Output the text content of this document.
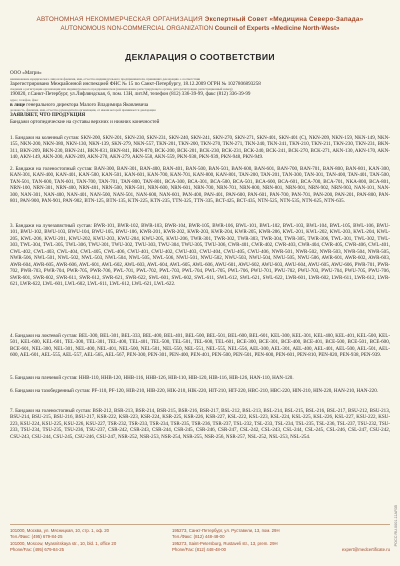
АВТОНОМНАЯ НЕКОММЕРЧЕСКАЯ ОРГАНИЗАЦИЯ Экспертный Совет «Медицина Северо-Запада»
AUTONOMOUS NON-COMMERCIAL ORGANIZATION Council of Experts «Medicine North-West»
ДЕКЛАРАЦИЯ О СООТВЕТСТВИИ
ООО «Матри»
наименование юридического лица или фамилия, имя, отчество индивидуального предпринимателя, принявших декларацию о соответствии
Зарегистрировано Межрайонной инспекцией ФНС № 15 по Санкт-Петербургу, 18.12.2009 ОГРН № 1027806893258
сведения о регистрации организации или индивидуального предпринимателя (наименование регистрирующего органа, дата регистрации, регистрационный номер)
190020, г.Санкт-Петербург, ул.Лифляндская, 6, пом. 13Н, лит.М, телефон (812) 336-39-99, факс (812) 336-39-99
адрес, телефон, факс
в лице генерального директора Малого Владимира Яковлевича
должность, фамилия, имя, отчество руководителя организации, от имени которой принимается декларация
ЗАЯВЛЯЕТ, ЧТО ПРОДУКЦИЯ
Бандажи ортопедические на суставы верхних и нижних конечностей
1. Бандажи на коленный сустав: SKN-200, SKN-201, SKN-230, SKN-231, SKN-240, SKN-241, SKN-270, SKN-271, SKN-401, SKN-401 (С), NKN-209, NKN-159, NKN-149, NKN-155, NKN-200, NKN-380, NKN-130, NKN-139, SKN-279, NKN-557, TKN-201, TKN-200, TKN-270, TKN-271, TKN-240, TKN-241, TKN-210, TKN-211, TKN-230, TKN-231, BKN-311, BKN-209, BKN-230, BKN-241, BKN-831, BKN-841, BKN-870, BCK-200, BCK-201, BCK-230, BCK-231, BCK-240, BCK-241, BCK-270, BCK-271, AKN-130, AKN-170, AKN-140, AKN-149, AKN-200, AKN-209, AKN-270, AKN-279, AKN-558, AKN-559, PKN-938, PKN-939, PKN-948, PKN-949.
2. Бандажи на голеностопный сустав: BAN-300, BAN-301, BAN-400, BAN-401, BAN-500, BAN-501, BAN-600, BAN-601, BAN-700, BAN-701, BAN-800, BAN-801, KAN-300, KAN-301, KAN-400, KAN-401, KAN-500, KAN-501, KAN-601, KAN-700, KAN-701, KAN-800, KAN-801, TAN-200, TAN-201, TAN-300, TAN-301, TAN-400, TAN-401, TAN-500, TAN-501, TAN-600, TAN-601, TAN-700, TAN-701, TAN-800, TAN-801, BCA-300, BCA-301, BCA-500, BCA-501, BCA-600, BCA-601, BCA-700, BCA-701, NKA-800, BCA-801, NRN-100, NRN-301, NRN-400, NRN-401, NRN-500, NRN-501, NRN-600, NRN-601, NRN-700, NRN-701, NRN-800, NRN-801, NRN-901, NRN-902, NRN-903, NAN-101, NAN-300, NAN-301, NAN-400, NAN-401, NAN-500, NAN-501, NAN-600, NAN-601, PAN-400, PAN-401, PAN-600, PAN-601, PAN-700, PAN-701, PAN-200, PAN-201, PAN-800, PAN-801, PAN-900, PAN-901, PAN-902, BTN-125, BTN-135, KTN-225, KTN-235, TTN-325, TTN-335, BCT-425, BCT-435, NTN-525, NTN-535, NTN-625, NTN-635.
3. Бандажи на лучезапястный сустав: BWR-101, BWR-102, BWR-103, BWR-104, BWR-105, BWR-106, BWL-101, BWL-102, BWL-103, BWL-104, BWL-105, BWL-106, BWU-101, BWU-102, BWU-103, BWU-104, BWU-105, BWU-106, KWR-201, KWR-202, KWR-203, KWR-204, KWR-205, KWR-206, KWL-201, KWL-202, KWL-203, KWL-204, KWL-205, KWL-206, KWU-201, KWU-202, KWU-203, KWU-204, KWU-205, KWU-206, TWR-301, TWR-302, TWR-303, TWR-304, TWR-305, TWR-306, TWL-301, TWL-302, TWL-303, TWL-304, TWL-305, TWL-306, TWU-301, TWU-302, TWU-303, TWU-304, TWU-305, TWU-306, CWR-401, CWR-402, CWR-403, CWR-404, CWR-405, CWR-406, CWL-401, CWL-402, CWL-403, CWL-404, CWL-405, CWL-406, CWU-401, CWU-402, CWU-403, CWU-404, CWU-405, CWU-406, NWR-501, NWR-502, NWR-503, NWR-504, NWR-505, NWR-506, NWL-501, NWL-502, NWL-503, NWL-504, NWL-505, NWL-506, NWU-501, NWU-502, NWU-503, NWU-504, NWU-505, NWU-506, AWR-601, AWR-602, AWR-603, AWR-604, AWR-605, AWR-606, AWL-601, AWL-602, AWL-603, AWL-604, AWL-605, AWL-606, AWU-601, AWU-602, AWU-603, AWU-604, AWU-605, AWU-606, PWR-701, PWR-702, PWR-703, PWR-704, PWR-705, PWR-706, PWL-701, PWL-702, PWL-703, PWL-704, PWL-705, PWL-706, PWU-701, PWU-702, PWU-703, PWU-704, PWU-705, PWU-706, SWR-601, SWR-602, SWR-611, SWR-612, SWR-621, SWR-622, SWL-601, SWL-602, SWL-611, SWL-612, SWL-621, SWL-622, LWR-601, LWR-602, LWR-611, LWR-612, LWR-621, LWR-622, LWL-601, LWL-602, LWL-611, LWL-612, LWL-621, LWL-622.
4. Бандажи на локтевой сустав: BEL-300, BEL-301, BEL-333, BEL-400, BEL-401, BEL-500, BEL-501, BEL-600, BEL-601, KEL-300, KEL-301, KEL-400, KEL-401, KEL-500, KEL-501, KEL-600, KEL-601, TEL-300, TEL-301, TEL-400, TEL-401, TEL-500, TEL-501, TEL-600, TEL-601, BCE-300, BCE-301, BCE-400, BCE-401, BCE-500, BCE-501, BCE-600, BCE-601, NEL-300, NEL-301, NEL-400, NEL-401, NEL-500, NEL-501, NEL-550, NEL-551, NEL-555, NEL-556, AEL-300, AEL-301, AEL-400, AEL-401, AEL-500, AEL-501, AEL-600, AEL-601, AEL-555, AEL-557, AEL-565, AEL-567, PEN-300, PEN-301, PEN-400, PEN-401, PEN-500, PEN-501, PEN-600, PEN-601, PEN-810, PEN-820, PEN-938, PEN-939.
5. Бандажи на плечевой сустав: HHB-110, HHB-120, HHB-116, HHB-126, HIB-110, HIB-120, HIB-116, HIB-126, HAN-110, HAN-120.
6. Бандажи на тазобедренный сустав: PF-110, PF-120, HIB-210, HIB-220, HIK-210, HIK-220, HIT-210, HIT-220, HBC-210, HBC-220, HIN-210, HIN-220, HAN-210, HAN-220.
7. Бандажи на голеностопный сустав: BSR-212, BSR-213, BSR-214, BSR-215, BSR-216, BSR-217, BSL-212, BSL-213, BSL-214, BSL-215, BSL-216, BSL-217, BSU-212, BSU-213, BSU-214, BSU-215, BSU-216, BSU-217, KSR-222, KSR-223, KSR-224, KSR-225, KSR-226, KSR-227, KSL-222, KSL-223, KSL-224, KSL-225, KSL-226, KSL-227, KSU-222, KSU-223, KSU-224, KSU-225, KSU-226, KSU-227, TSR-232, TSR-233, TSR-234, TSR-235, TSR-236, TSR-237, TSL-232, TSL-233, TSL-234, TSL-235, TSL-236, TSL-237, TSU-232, TSU-233, TSU-234, TSU-235, TSU-236, TSU-237, CSR-242, CSR-243, CSR-244, CSR-245, CSR-246, CSR-247, CSL-242, CSL-243, CSL-244, CSL-245, CSL-246, CSL-247, CSU-242, CSU-243, CSU-244, CSU-245, CSU-246, CSU-247, NSR-252, NSR-253, NSR-254, NSR-255, NSR-256, NSR-257, NSL-252, NSL-253, NSL-254.
101000, Москва, ул. Мясницкая, 10, стр. 1, оф. 20
Тел./Факс: (495) 679-84-25
101000, Moscow, Myasnitskaya str., 10, bld. 1, office 20
Phone/Fax: (495) 679-84-25
195273, Санкт-Петербург, ул. Руставели, 13, пом. 29Н
Тел./Факс: (812) 448-48-00
195273, Saint-Petersburg, Rustaveli str., 13, prem. 29H
Phone/Fax: (812) 448-48-00	expert@medcertificate.ru
РОСС RU.0001.11АЯ35
